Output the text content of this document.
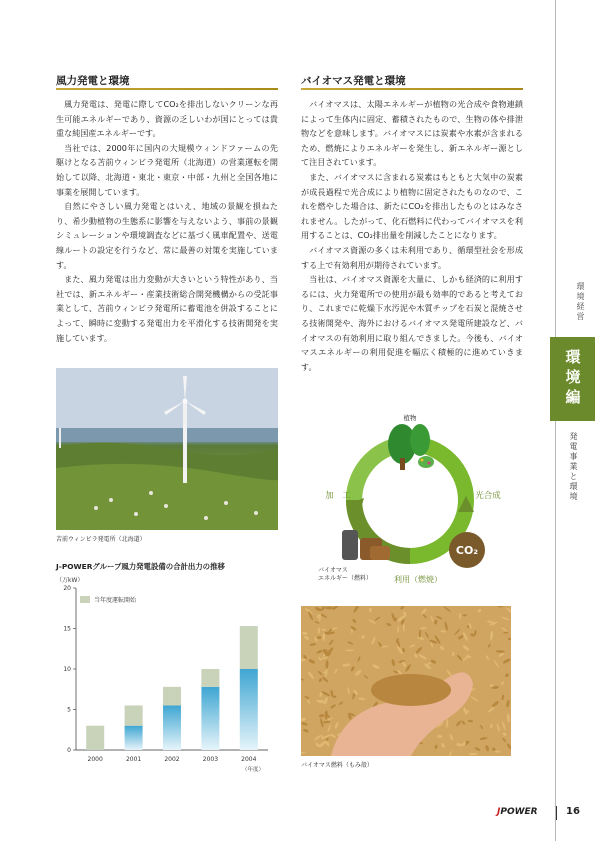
環境経営
環境編
発電事業と環境
風力発電と環境

風力発電は、発電に際してCO₂を排出しないクリーンな再生可能エネルギーであり、資源の乏しいわが国にとっては貴重な純国産エネルギーです。

当社では、2000年に国内の大規模ウィンドファームの先駆けとなる苫前ウィンビラ発電所（北海道）の営業運転を開始して以降、北海道・東北・東京・中部・九州と全国各地に事業を展開しています。

自然にやさしい風力発電とはいえ、地域の景観を損ねたり、希少動植物の生態系に影響を与えないよう、事前の景観シミュレーションや環境調査などに基づく風車配置や、送電線ルートの設定を行うなど、常に最善の対策を実施しています。

また、風力発電は出力変動が大きいという特性があり、当社では、新エネルギー・産業技術総合開発機構からの受託事業として、苫前ウィンビラ発電所に蓄電池を併設することによって、瞬時に変動する発電出力を平滑化する技術開発を実施しています。

苫前ウィンビラ発電所（北海道）
J-POWERグループ風力発電設備の合計出力の推移
（万kW）
当年度運転開始
0
5
10
15
20
2000	2001	2002	2003	2004
（年度）
バイオマス発電と環境

バイオマスは、太陽エネルギーが植物の光合成や食物連鎖によって生体内に固定、蓄積されたもので、生物の体や排泄物などを意味します。バイオマスには炭素や水素が含まれるため、燃焼によりエネルギーを発生し、新エネルギー源として注目されています。

また、バイオマスに含まれる炭素はもともと大気中の炭素が成長過程で光合成により植物に固定されたものなので、これを燃やした場合は、新たにCO₂を排出したものとはみなされません。したがって、化石燃料に代わってバイオマスを利用することは、CO₂排出量を削減したことになります。

バイオマス資源の多くは未利用であり、循環型社会を形成する上で有効利用が期待されています。

当社は、バイオマス資源を大量に、しかも経済的に利用するには、火力発電所での使用が最も効率的であると考えており、これまでに乾燥下水汚泥や木質チップを石炭と混焼させる技術開発や、海外におけるバイオマス発電所建設など、バイオマスの有効利用に取り組んできました。今後も、バイオマスエネルギーの利用促進を幅広く積極的に進めていきます。

植物
加　工	光合成
CO₂
バイオマス エネルギー（燃料）	利用（燃焼）
バイオマス燃料（もみ殻）
JPOWER	16
